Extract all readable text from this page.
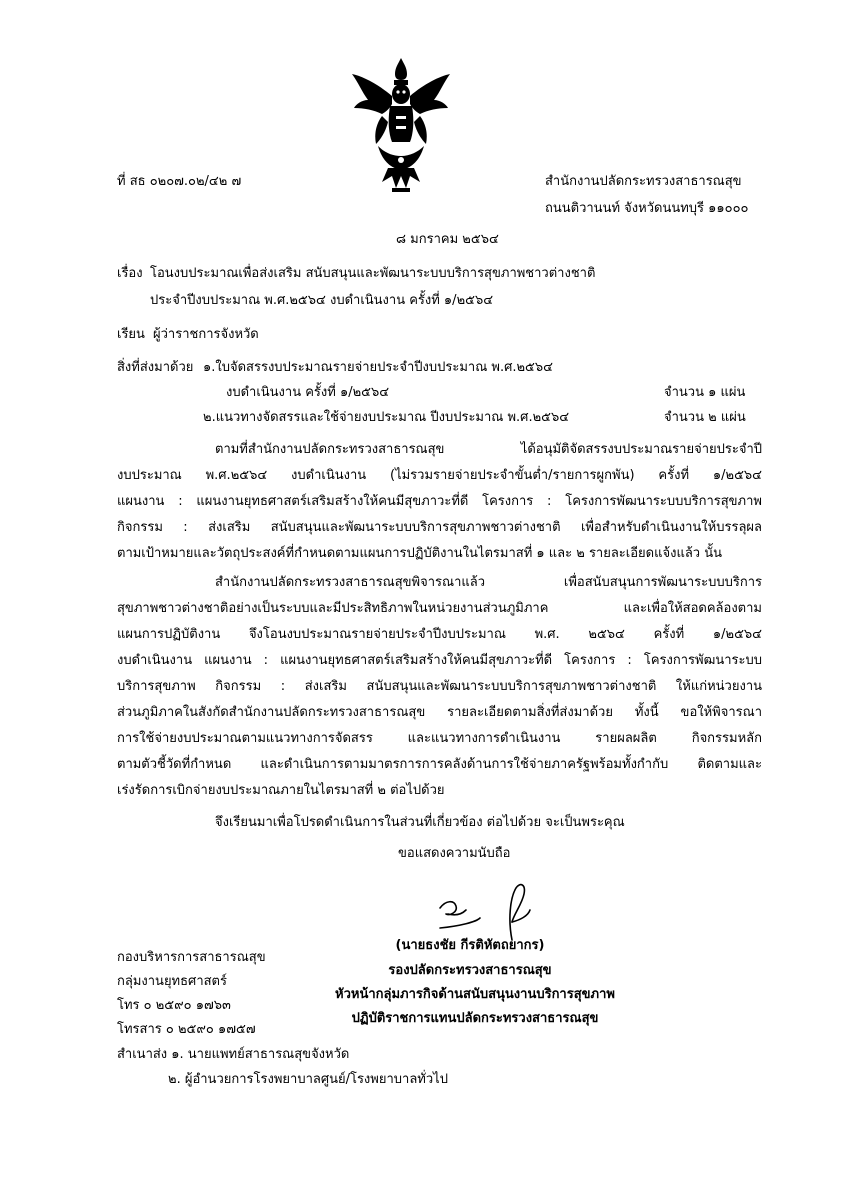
ที่ สธ ๐๒๐๗.๐๒/๔๒ ๗	สำนักงานปลัดกระทรวงสาธารณสุข
ถนนติวานนท์ จังหวัดนนทบุรี ๑๑๐๐๐
๘ มกราคม ๒๕๖๔
เรื่อง โอนงบประมาณเพื่อส่งเสริม สนับสนุนและพัฒนาระบบบริการสุขภาพชาวต่างชาติ
ประจำปีงบประมาณ พ.ศ.๒๕๖๔ งบดำเนินงาน ครั้งที่ ๑/๒๕๖๔
เรียน ผู้ว่าราชการจังหวัด
สิ่งที่ส่งมาด้วย ๑.ใบจัดสรรงบประมาณรายจ่ายประจำปีงบประมาณ พ.ศ.๒๕๖๔
งบดำเนินงาน ครั้งที่ ๑/๒๕๖๔	จำนวน ๑ แผ่น
๒.แนวทางจัดสรรและใช้จ่ายงบประมาณ ปีงบประมาณ พ.ศ.๒๕๖๔	จำนวน ๒ แผ่น
ตามที่สำนักงานปลัดกระทรวงสาธารณสุข ได้อนุมัติจัดสรรงบประมาณรายจ่ายประจำปี
งบประมาณ พ.ศ.๒๕๖๔ งบดำเนินงาน (ไม่รวมรายจ่ายประจำขั้นต่ำ/รายการผูกพัน) ครั้งที่ ๑/๒๕๖๔
แผนงาน : แผนงานยุทธศาสตร์เสริมสร้างให้คนมีสุขภาวะที่ดี โครงการ : โครงการพัฒนาระบบบริการสุขภาพ
กิจกรรม : ส่งเสริม สนับสนุนและพัฒนาระบบบริการสุขภาพชาวต่างชาติ เพื่อสำหรับดำเนินงานให้บรรลุผล
ตามเป้าหมายและวัตถุประสงค์ที่กำหนดตามแผนการปฏิบัติงานในไตรมาสที่ ๑ และ ๒ รายละเอียดแจ้งแล้ว นั้น
สำนักงานปลัดกระทรวงสาธารณสุขพิจารณาแล้ว เพื่อสนับสนุนการพัฒนาระบบบริการ
สุขภาพชาวต่างชาติอย่างเป็นระบบและมีประสิทธิภาพในหน่วยงานส่วนภูมิภาค และเพื่อให้สอดคล้องตาม
แผนการปฏิบัติงาน จึงโอนงบประมาณรายจ่ายประจำปีงบประมาณ พ.ศ. ๒๕๖๔ ครั้งที่ ๑/๒๕๖๔
งบดำเนินงาน แผนงาน : แผนงานยุทธศาสตร์เสริมสร้างให้คนมีสุขภาวะที่ดี โครงการ : โครงการพัฒนาระบบ
บริการสุขภาพ กิจกรรม : ส่งเสริม สนับสนุนและพัฒนาระบบบริการสุขภาพชาวต่างชาติ ให้แก่หน่วยงาน
ส่วนภูมิภาคในสังกัดสำนักงานปลัดกระทรวงสาธารณสุข รายละเอียดตามสิ่งที่ส่งมาด้วย ทั้งนี้ ขอให้พิจารณา
การใช้จ่ายงบประมาณตามแนวทางการจัดสรร และแนวทางการดำเนินงาน รายผลผลิต กิจกรรมหลัก
ตามตัวชี้วัดที่กำหนด และดำเนินการตามมาตรการการคลังด้านการใช้จ่ายภาครัฐพร้อมทั้งกำกับ ติดตามและ
เร่งรัดการเบิกจ่ายงบประมาณภายในไตรมาสที่ ๒ ต่อไปด้วย
จึงเรียนมาเพื่อโปรดดำเนินการในส่วนที่เกี่ยวข้อง ต่อไปด้วย จะเป็นพระคุณ
ขอแสดงความนับถือ
(นายธงชัย กีรติหัตถยากร)
รองปลัดกระทรวงสาธารณสุข
หัวหน้ากลุ่มภารกิจด้านสนับสนุนงานบริการสุขภาพ
ปฏิบัติราชการแทนปลัดกระทรวงสาธารณสุข
กองบริหารการสาธารณสุข
กลุ่มงานยุทธศาสตร์
โทร ๐ ๒๕๙๐ ๑๗๖๓
โทรสาร ๐ ๒๕๙๐ ๑๗๕๗
สำเนาส่ง ๑. นายแพทย์สาธารณสุขจังหวัด
๒. ผู้อำนวยการโรงพยาบาลศูนย์/โรงพยาบาลทั่วไป
